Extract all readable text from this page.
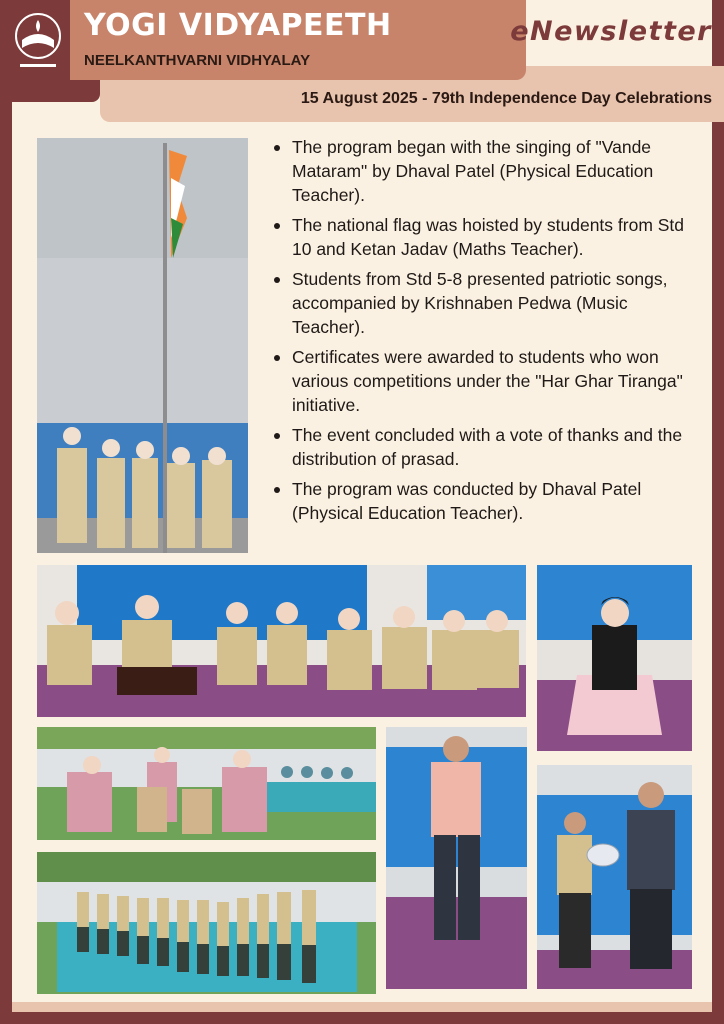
15 August 2025 - 79th Independence Day Celebrations
YOGI VIDYAPEETH
NEELKANTHVARNI VIDHYALAY
eNewsletter
The program began with the singing of "Vande Mataram" by Dhaval Patel (Physical Education Teacher).
The national flag was hoisted by students from Std 10 and Ketan Jadav (Maths Teacher).
Students from Std 5-8 presented patriotic songs, accompanied by Krishnaben Pedwa (Music Teacher).
Certificates were awarded to students who won various competitions under the "Har Ghar Tiranga" initiative.
The event concluded with a vote of thanks and the distribution of prasad.
The program was conducted by Dhaval Patel (Physical Education Teacher).
